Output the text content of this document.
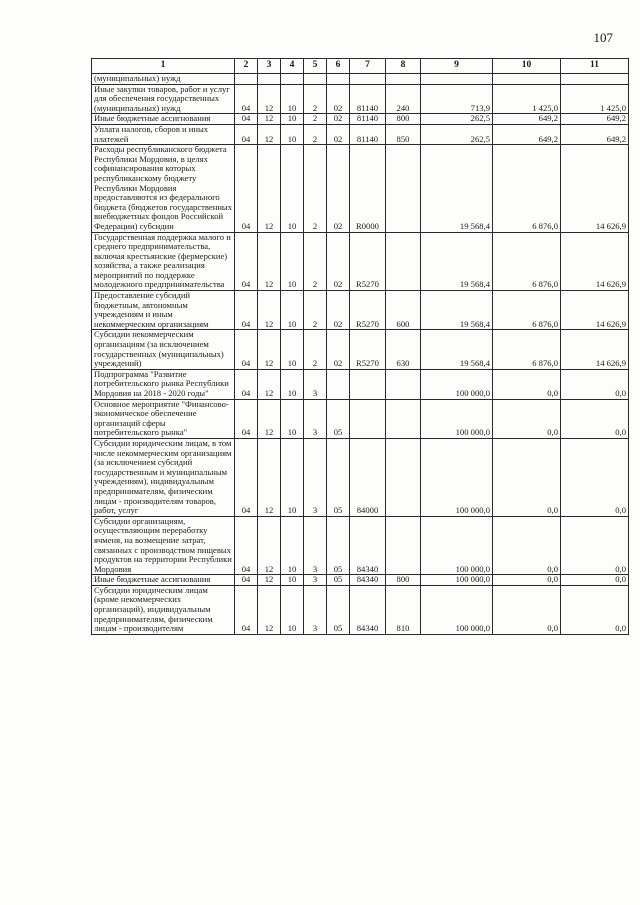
107
1	2	3	4	5	6	7	8	9	10	11
(муниципальных) нужд										
Иные закупки товаров, работ и услуг для обеспечения государственных (муниципальных) нужд	04	12	10	2	02	81140	240	713,9	1 425,0	1 425,0
Иные бюджетные ассигнования	04	12	10	2	02	81140	800	262,5	649,2	649,2
Уплата налогов, сборов и иных платежей	04	12	10	2	02	81140	850	262,5	649,2	649,2
Расходы республиканского бюджета Республики Мордовия, в целях софинансирования которых республиканскому бюджету Республики Мордовия предоставляются из федерального бюджета (бюджетов государственных внебюджетных фондов Российской Федерации) субсидии	04	12	10	2	02	R0000		19 568,4	6 876,0	14 626,9
Государственная поддержка малого и среднего предпринимательства, включая крестьянские (фермерские) хозяйства, а также реализация мероприятий по поддержке молодежного предпринимательства	04	12	10	2	02	R5270		19 568,4	6 876,0	14 626,9
Предоставление субсидий бюджетным, автономным учреждениям и иным некоммерческим организациям	04	12	10	2	02	R5270	600	19 568,4	6 876,0	14 626,9
Субсидии некоммерческим организациям (за исключением государственных (муниципальных) учреждений)	04	12	10	2	02	R5270	630	19 568,4	6 876,0	14 626,9
Подпрограмма "Развитие потребительского рынка Республики Мордовия на 2018 - 2020 годы"	04	12	10	3				100 000,0	0,0	0,0
Основное мероприятие "Финансово-экономическое обеспечение организаций сферы потребительского рынка"	04	12	10	3	05			100 000,0	0,0	0,0
Субсидии юридическим лицам, в том числе некоммерческим организациям (за исключением субсидий государственным и муниципальным учреждениям), индивидуальным предпринимателям, физическим лицам - производителям товаров, работ, услуг	04	12	10	3	05	84000		100 000,0	0,0	0,0
Субсидии организациям, осуществляющим переработку ячменя, на возмещение затрат, связанных с производством пищевых продуктов на территории Республики Мордовия	04	12	10	3	05	84340		100 000,0	0,0	0,0
Иные бюджетные ассигнования	04	12	10	3	05	84340	800	100 000,0	0,0	0,0
Субсидии юридическим лицам (кроме некоммерческих организаций), индивидуальным предпринимателям, физическим лицам - производителям	04	12	10	3	05	84340	810	100 000,0	0,0	0,0
